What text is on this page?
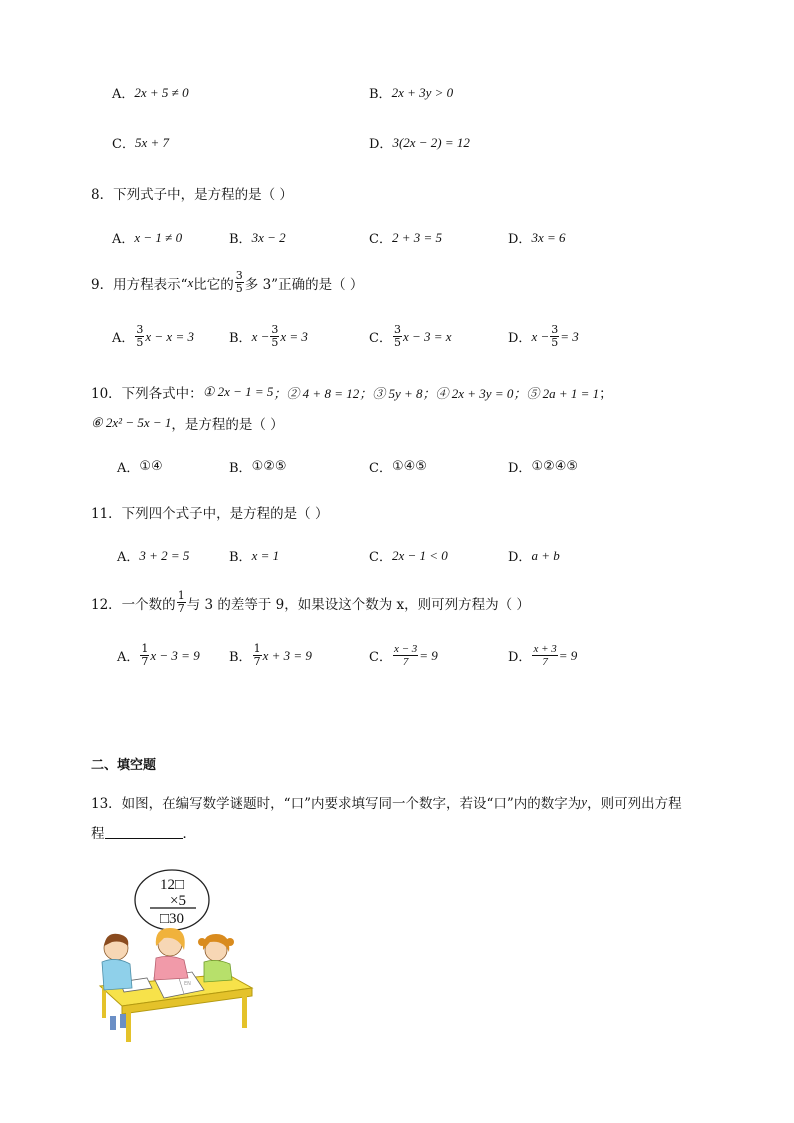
A． 2x + 5 ≠ 0	B． 2x + 3y > 0
C． 5x + 7	D． 3(2x − 2) = 12
8．下列式子中，是方程的是（ ）
A． x − 1 ≠ 0	B． 3x − 2	C． 2 + 3 = 5	D． 3x = 6
9．用方程表示“ x 比它的 $\frac{3}{5}$ 多 3”正确的是（ ）
A． $\frac{3}{5}$ x − x = 3	B． $x - \frac{3}{5}$ x = 3	C． $\frac{3}{5}$ x − 3 = x	D． $x - \frac{3}{5} = 3$
10．下列各式中： ① 2x − 1 = 5 ；② 4 + 8 = 12 ；③ 5y + 8 ；④ 2x + 3y = 0 ；⑤ 2a + 1 = 1 ；
⑥ 2x² − 5x − 1 ，是方程的是（ ）
A． ①④	B． ①②⑤	C． ①④⑤	D． ①②④⑤
11．下列四个式子中，是方程的是（ ）
A． 3 + 2 = 5	B． x = 1	C． 2x − 1 < 0	D． a + b
12．一个数的 $\frac{1}{7}$ 与 3 的差等于 9，如果设这个数为 x，则可列方程为（ ）
A． $\frac{1}{7}$ x − 3 = 9 B． $\frac{1}{7}$ x + 3 = 9	C． $\frac{x - 3}{7} = 9$	D． $\frac{x + 3}{7} = 9$
二、填空题
13．如图，在编写数学谜题时，“口”内要求填写同一个数字，若设“口”内的数字为 y ，则可列出方程
程	．
12□
×5
□30
EN
